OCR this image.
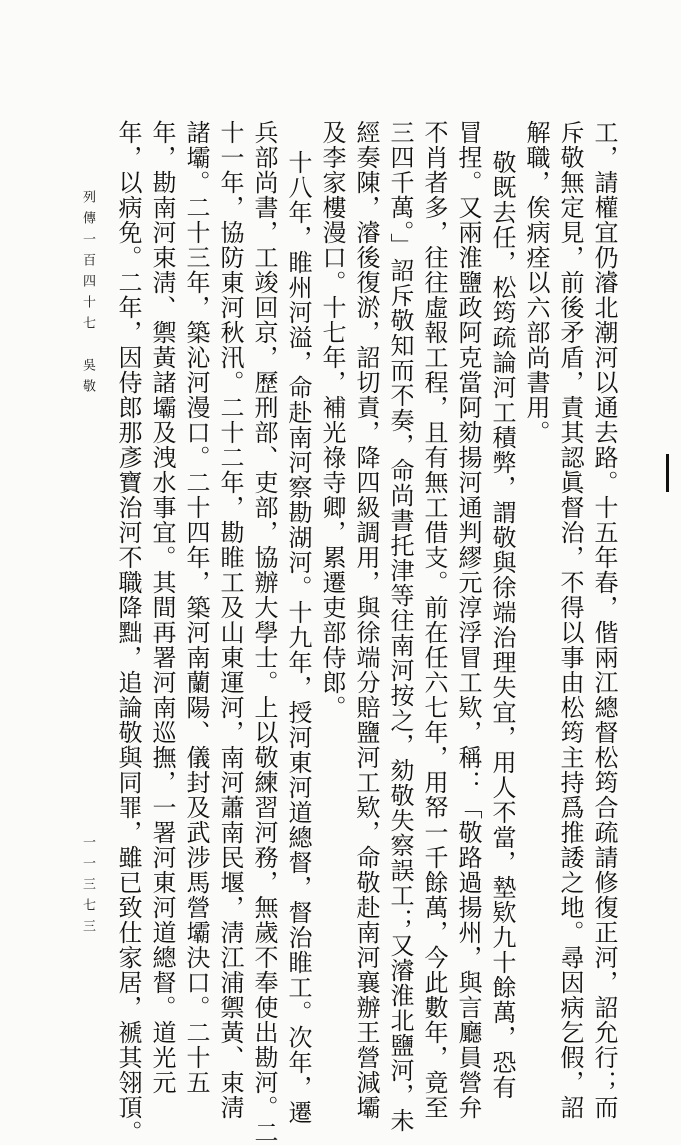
工，請權宜仍濬北潮河以通去路。十五年春，偕兩江總督松筠合疏請修復正河，詔允行；而
斥敬無定見，前後矛盾，責其認眞督治，不得以事由松筠主持爲推諉之地。尋因病乞假，詔
解職，俟病痊以六部尚書用。
敬既去任，松筠疏論河工積弊，謂敬與徐端治理失宜，用人不當，墊欵九十餘萬，恐有
冒捏。又兩淮鹽政阿克當阿劾揚河通判繆元淳浮冒工欵，稱：「敬路過揚州，與言廳員營弁
不肖者多，往往虛報工程，且有無工借支。前在任六七年，用帑一千餘萬，今此數年，竟至
三四千萬。」詔斥敬知而不奏，命尚書托津等往南河按之，劾敬失察誤工；又濬淮北鹽河，未
經奏陳，濬後復淤，詔切責，降四級調用，與徐端分賠鹽河工欵，命敬赴南河襄辦王營減壩
及李家樓漫口。十七年，補光祿寺卿，累遷吏部侍郎。
十八年，睢州河溢，命赴南河察勘湖河。十九年，授河東河道總督，督治睢工。次年，遷
兵部尚書，工竣回京，歷刑部、吏部，協辦大學士。上以敬練習河務，無歲不奉使出勘河。二
十一年，協防東河秋汛。二十二年，勘睢工及山東運河，南河蕭南民堰，淸江浦禦黃、束淸
諸壩。二十三年，築沁河漫口。二十四年，築河南蘭陽、儀封及武涉馬營壩決口。二十五
年，勘南河束淸、禦黃諸壩及洩水事宜。其間再署河南巡撫，一署河東河道總督。道光元
年，以病免。二年，因侍郎那彥寶治河不職降黜，追論敬與同罪，雖已致仕家居，褫其翎頂。
列傳一百四十七　吳敬
一一三七三
